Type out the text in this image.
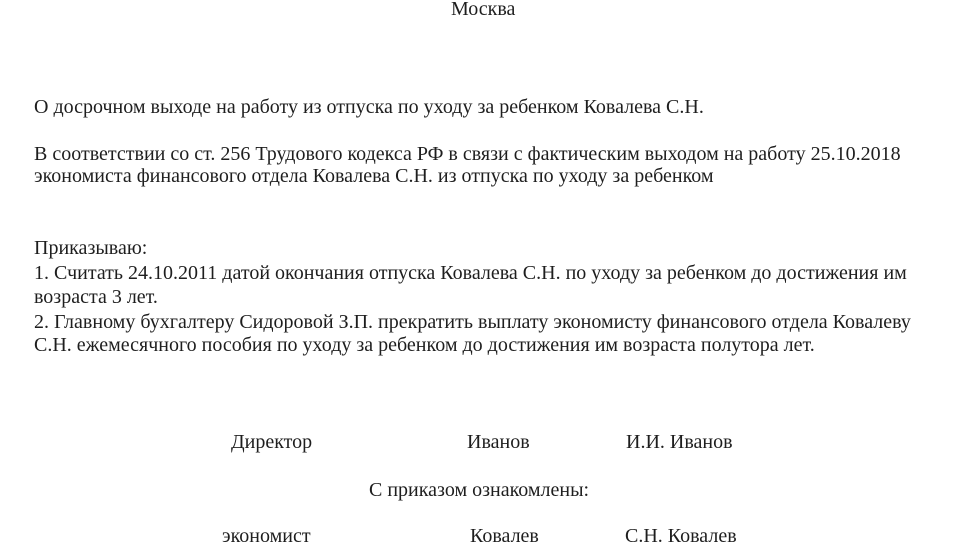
Москва
О досрочном выходе на работу из отпуска по уходу за ребенком Ковалева С.Н.
В соответствии со ст. 256 Трудового кодекса РФ в связи с фактическим выходом на работу 25.10.2018
экономиста финансового отдела Ковалева С.Н. из отпуска по уходу за ребенком
Приказываю:
1. Считать 24.10.2011 датой окончания отпуска Ковалева С.Н. по уходу за ребенком до достижения им
возраста 3 лет.
2. Главному бухгалтеру Сидоровой З.П. прекратить выплату экономисту финансового отдела Ковалеву
С.Н. ежемесячного пособия по уходу за ребенком до достижения им возраста полутора лет.
Директор	Иванов	И.И. Иванов
С приказом ознакомлены:
экономист	Ковалев	С.Н. Ковалев
